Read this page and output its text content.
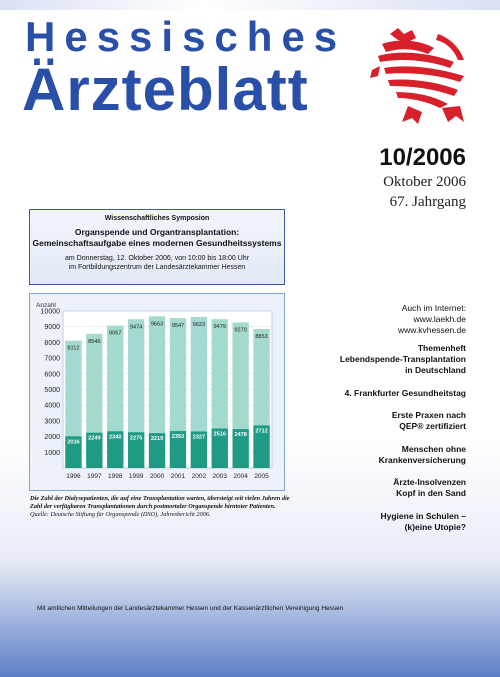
Hessisches
Ärzteblatt
10/2006
Oktober 2006
67. Jahrgang
Wissenschaftliches Symposion
Organspende und Organtransplantation:
Gemeinschaftsaufgabe eines modernen Gesundheitssystems
am Donnerstag, 12. Oktober 2006, von 10:00 bis 18:00 Uhr
im Fortbildungszentrum der Landesärztekammer Hessen
Anzahl
10000
9000
8000
7000
6000
5000
4000
3000
2000
1000
8112
2016
1996
8546
2249
1997
9067
2340
1998
9474
2275
1999
9663
2219
2000
9547
2353
2001
9623
2327
2002
9479
2516
2003
9270
2478
2004
8853
2712
2005
Die Zahl der Dialysepatienten, die auf eine Transplantation warten, übersteigt seit vielen Jahren die Zahl der verfügbaren Transplantationen durch postmortaler Organspende hirntoter Patienten.
Quelle: Deutsche Stiftung für Organspende (DSO), Jahresbericht 2006.
Auch im Internet:
www.laekh.de
www.kvhessen.de
Themenheft
Lebendspende-Transplantation
in Deutschland
4. Frankfurter Gesundheitstag
Erste Praxen nach
QEP® zertifiziert
Menschen ohne
Krankenversicherung
Ärzte-Insolvenzen
Kopf in den Sand
Hygiene in Schulen –
(k)eine Utopie?
Mit amtlichen Mitteilungen der Landesärztekammer Hessen und der Kassenärztlichen Vereinigung Hessen
